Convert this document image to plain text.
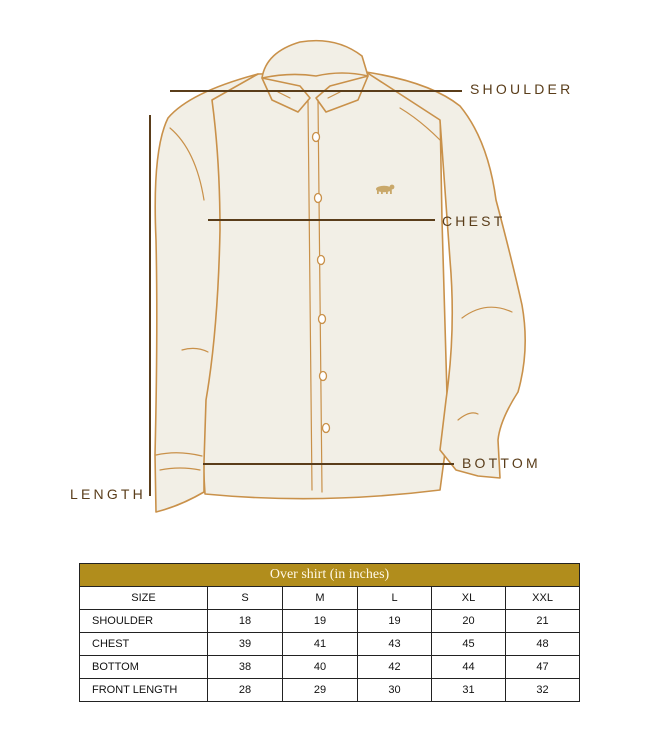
SHOULDER
CHEST
BOTTOM
LENGTH
Over shirt (in inches)					
SIZE	S	M	L	XL	XXL
SHOULDER	18	19	19	20	21
CHEST	39	41	43	45	48
BOTTOM	38	40	42	44	47
FRONT LENGTH	28	29	30	31	32
